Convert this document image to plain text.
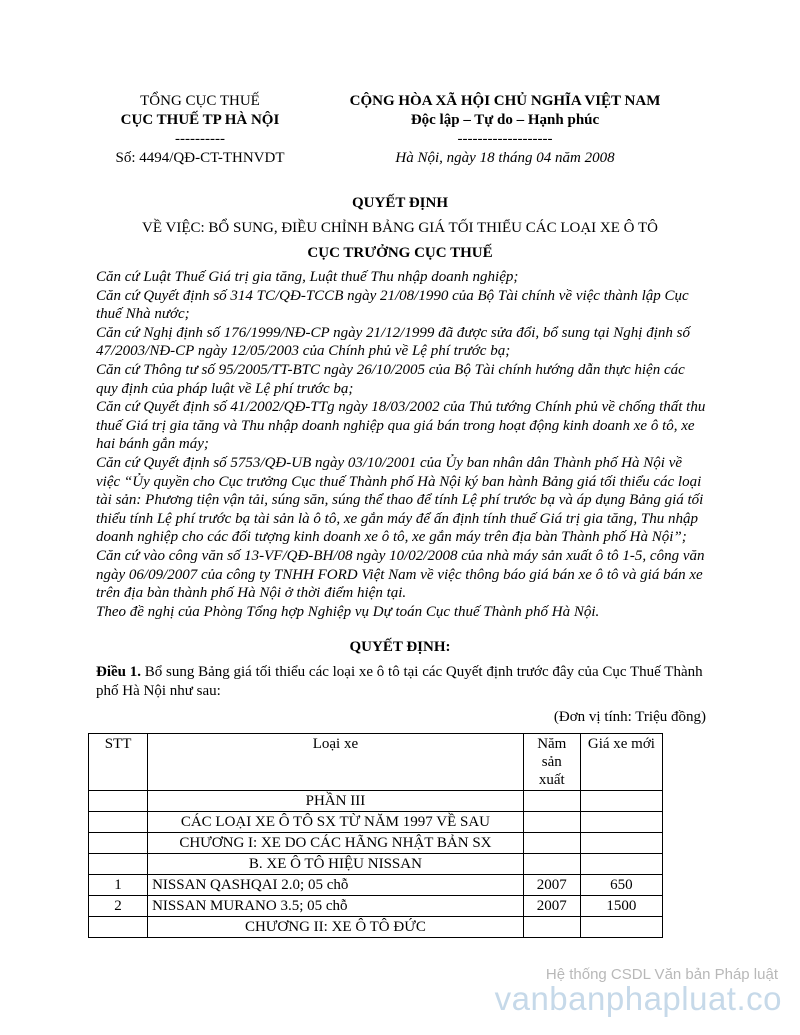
TỔNG CỤC THUẾ
CỤC THUẾ TP HÀ NỘI
----------
Số: 4494/QĐ-CT-THNVDT
CỘNG HÒA XÃ HỘI CHỦ NGHĨA VIỆT NAM
Độc lập – Tự do – Hạnh phúc
-------------------
Hà Nội, ngày 18 tháng 04 năm 2008
QUYẾT ĐỊNH
VỀ VIỆC: BỔ SUNG, ĐIỀU CHỈNH BẢNG GIÁ TỐI THIỂU CÁC LOẠI XE Ô TÔ
CỤC TRƯỞNG CỤC THUẾ

Căn cứ Luật Thuế Giá trị gia tăng, Luật thuế Thu nhập doanh nghiệp;

Căn cứ Quyết định số 314 TC/QĐ-TCCB ngày 21/08/1990 của Bộ Tài chính về việc thành lập Cục thuế Nhà nước;

Căn cứ Nghị định số 176/1999/NĐ-CP ngày 21/12/1999 đã được sửa đổi, bổ sung tại Nghị định số 47/2003/NĐ-CP ngày 12/05/2003 của Chính phủ về Lệ phí trước bạ;

Căn cứ Thông tư số 95/2005/TT-BTC ngày 26/10/2005 của Bộ Tài chính hướng dẫn thực hiện các quy định của pháp luật về Lệ phí trước bạ;

Căn cứ Quyết định số 41/2002/QĐ-TTg ngày 18/03/2002 của Thủ tướng Chính phủ về chống thất thu thuế Giá trị gia tăng và Thu nhập doanh nghiệp qua giá bán trong hoạt động kinh doanh xe ô tô, xe hai bánh gắn máy;

Căn cứ Quyết định số 5753/QĐ-UB ngày 03/10/2001 của Ủy ban nhân dân Thành phố Hà Nội về việc “Ủy quyền cho Cục trưởng Cục thuế Thành phố Hà Nội ký ban hành Bảng giá tối thiểu các loại tài sản: Phương tiện vận tải, súng săn, súng thể thao để tính Lệ phí trước bạ và áp dụng Bảng giá tối thiểu tính Lệ phí trước bạ tài sản là ô tô, xe gắn máy để ấn định tính thuế Giá trị gia tăng, Thu nhập doanh nghiệp cho các đối tượng kinh doanh xe ô tô, xe gắn máy trên địa bàn Thành phố Hà Nội”;

Căn cứ vào công văn số 13-VF/QĐ-BH/08 ngày 10/02/2008 của nhà máy sản xuất ô tô 1-5, công văn ngày 06/09/2007 của công ty TNHH FORD Việt Nam về việc thông báo giá bán xe ô tô và giá bán xe trên địa bàn thành phố Hà Nội ở thời điểm hiện tại.

Theo đề nghị của Phòng Tổng hợp Nghiệp vụ Dự toán Cục thuế Thành phố Hà Nội.

QUYẾT ĐỊNH:

Điều 1. Bổ sung Bảng giá tối thiểu các loại xe ô tô tại các Quyết định trước đây của Cục Thuế Thành phố Hà Nội như sau:

(Đơn vị tính: Triệu đồng)
STT	Loại xe	Năm
sản
xuất	Giá xe mới
	PHẦN III		
	CÁC LOẠI XE Ô TÔ SX TỪ NĂM 1997 VỀ SAU		
	CHƯƠNG I: XE DO CÁC HÃNG NHẬT BẢN SX		
	B. XE Ô TÔ HIỆU NISSAN		
1	NISSAN QASHQAI 2.0; 05 chỗ	2007	650
2	NISSAN MURANO 3.5; 05 chỗ	2007	1500
	CHƯƠNG II: XE Ô TÔ ĐỨC		
Hệ thống CSDL Văn bản Pháp luật
vanbanphapluat.co
